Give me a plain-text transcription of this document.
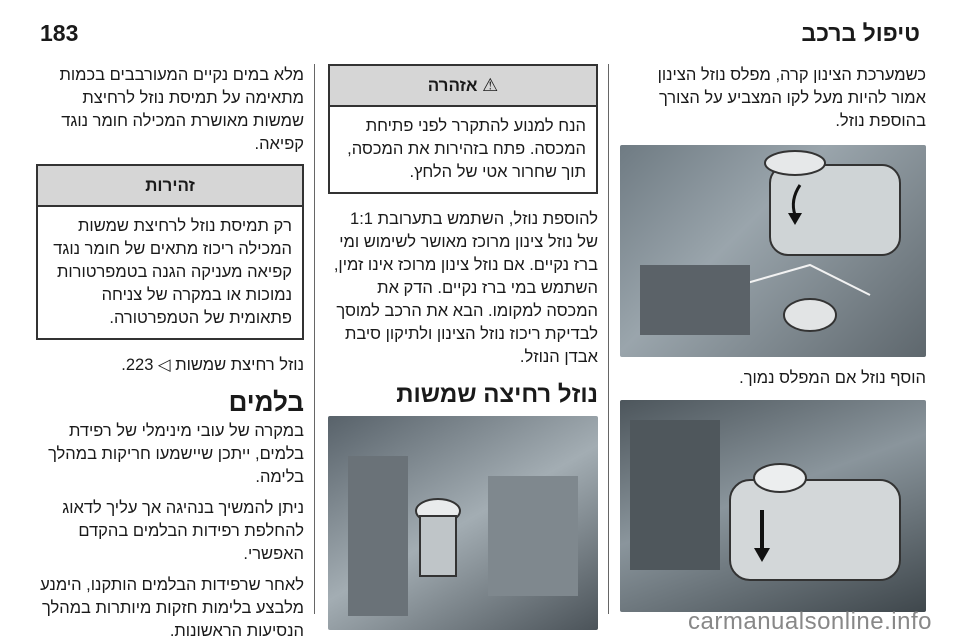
183	טיפול ברכב

כשמערכת הצינון קרה, מפלס נוזל הצינון אמור להיות מעל לקו המצביע על הצורך בהוספת נוזל.

הוסף נוזל אם המפלס נמוך.

⚠ אזהרה
הנח למנוע להתקרר לפני פתיחת המכסה. פתח בזהירות את המכסה, תוך שחרור אטי של הלחץ.

להוספת נוזל, השתמש בתערובת 1:1 של נוזל צינון מרוכז מאושר לשימוש ומי ברז נקיים. אם נוזל צינון מרוכז אינו זמין, השתמש במי ברז נקיים. הדק את המכסה למקומו. הבא את הרכב למוסך לבדיקת ריכוז נוזל הצינון ולתיקון סיבת אבדן הנוזל.

נוזל רחיצה שמשות

מלא במים נקיים המעורבבים בכמות מתאימה על תמיסת נוזל לרחיצת שמשות מאושרת המכילה חומר נוגד קפיאה.

זהירות
רק תמיסת נוזל לרחיצת שמשות המכילה ריכוז מתאים של חומר נוגד קפיאה מעניקה הגנה בטמפרטורות נמוכות או במקרה של צניחה פתאומית של הטמפרטורה.

נוזל רחיצת שמשות ◁ 223.

בלמים

במקרה של עובי מינימלי של רפידת בלמים, ייתכן שיישמעו חריקות במהלך בלימה.

ניתן להמשיך בנהיגה אך עליך לדאוג להחלפת רפידות הבלמים בהקדם האפשרי.

לאחר שרפידות הבלמים הותקנו, הימנע מלבצע בלימות חזקות מיותרות במהלך הנסיעות הראשונות.	carmanualsonline.info
